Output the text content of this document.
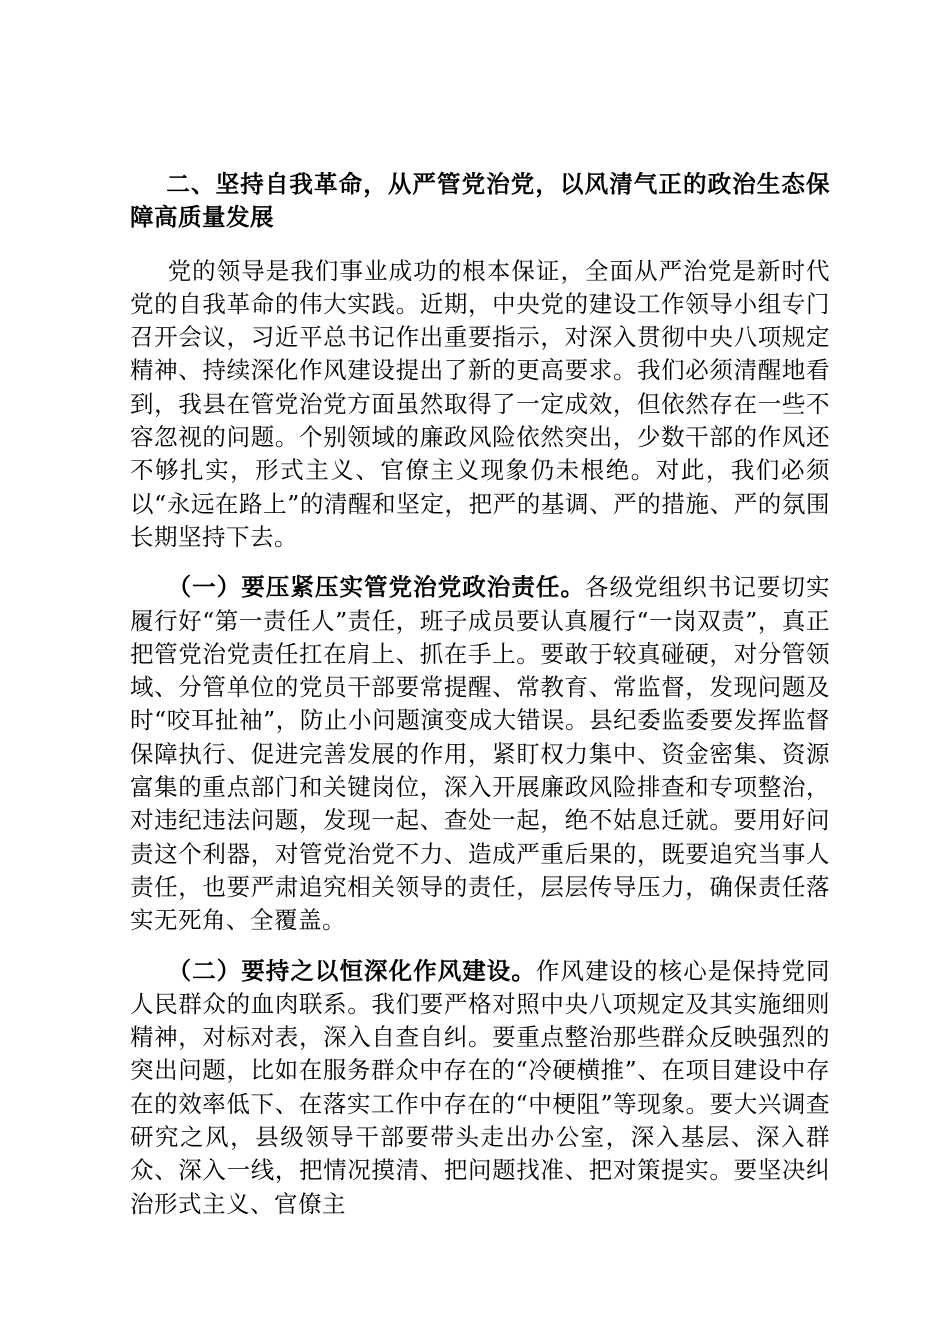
二、坚持自我革命，从严管党治党，以风清气正的政治生态保障高质量发展

党的领导是我们事业成功的根本保证，全面从严治党是新时代党的自我革命的伟大实践。近期，中央党的建设工作领导小组专门召开会议，习近平总书记作出重要指示，对深入贯彻中央八项规定精神、持续深化作风建设提出了新的更高要求。我们必须清醒地看到，我县在管党治党方面虽然取得了一定成效，但依然存在一些不容忽视的问题。个别领域的廉政风险依然突出，少数干部的作风还不够扎实，形式主义、官僚主义现象仍未根绝。对此，我们必须以“永远在路上”的清醒和坚定，把严的基调、严的措施、严的氛围长期坚持下去。

（一）要压紧压实管党治党政治责任。各级党组织书记要切实履行好“第一责任人”责任，班子成员要认真履行“一岗双责”，真正把管党治党责任扛在肩上、抓在手上。要敢于较真碰硬，对分管领域、分管单位的党员干部要常提醒、常教育、常监督，发现问题及时“咬耳扯袖”，防止小问题演变成大错误。县纪委监委要发挥监督保障执行、促进完善发展的作用，紧盯权力集中、资金密集、资源富集的重点部门和关键岗位，深入开展廉政风险排查和专项整治，对违纪违法问题，发现一起、查处一起，绝不姑息迁就。要用好问责这个利器，对管党治党不力、造成严重后果的，既要追究当事人责任，也要严肃追究相关领导的责任，层层传导压力，确保责任落实无死角、全覆盖。

（二）要持之以恒深化作风建设。作风建设的核心是保持党同人民群众的血肉联系。我们要严格对照中央八项规定及其实施细则精神，对标对表，深入自查自纠。要重点整治那些群众反映强烈的突出问题，比如在服务群众中存在的“冷硬横推”、在项目建设中存在的效率低下、在落实工作中存在的“中梗阻”等现象。要大兴调查研究之风，县级领导干部要带头走出办公室，深入基层、深入群众、深入一线，把情况摸清、把问题找准、把对策提实。要坚决纠治形式主义、官僚主
